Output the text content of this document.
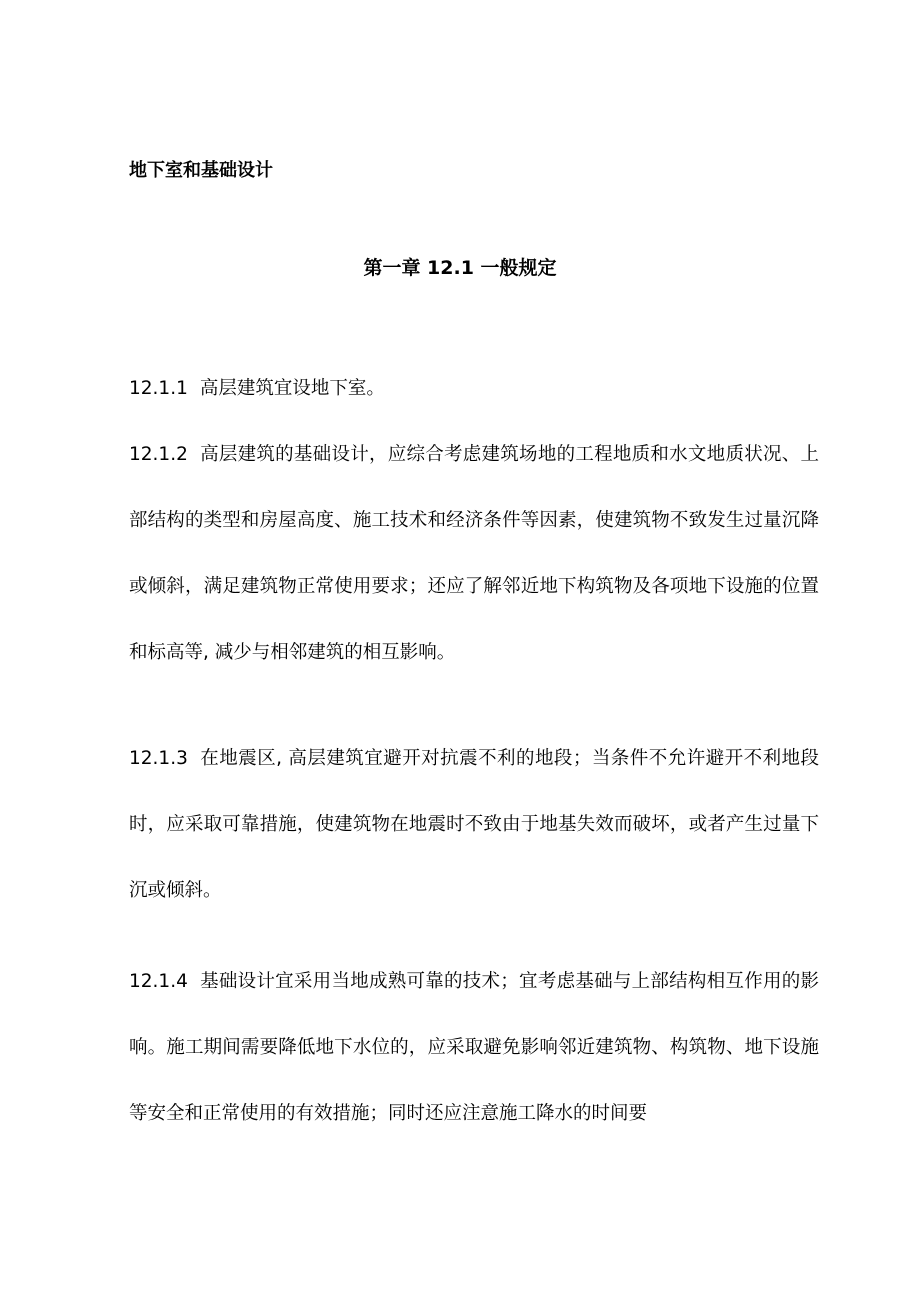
地下室和基础设计
第一章 12.1 一般规定

12.1.1 高层建筑宜设地下室。

12.1.2 高层建筑的基础设计，应综合考虑建筑场地的工程地质和水文地质状况、上部结构的类型和房屋高度、施工技术和经济条件等因素，使建筑物不致发生过量沉降或倾斜，满足建筑物正常使用要求；还应了解邻近地下构筑物及各项地下设施的位置和标高等, 减少与相邻建筑的相互影响。

12.1.3 在地震区, 高层建筑宜避开对抗震不利的地段；当条件不允许避开不利地段时，应采取可靠措施，使建筑物在地震时不致由于地基失效而破坏，或者产生过量下沉或倾斜。

12.1.4 基础设计宜采用当地成熟可靠的技术；宜考虑基础与上部结构相互作用的影响。施工期间需要降低地下水位的，应采取避免影响邻近建筑物、构筑物、地下设施等安全和正常使用的有效措施；同时还应注意施工降水的时间要
